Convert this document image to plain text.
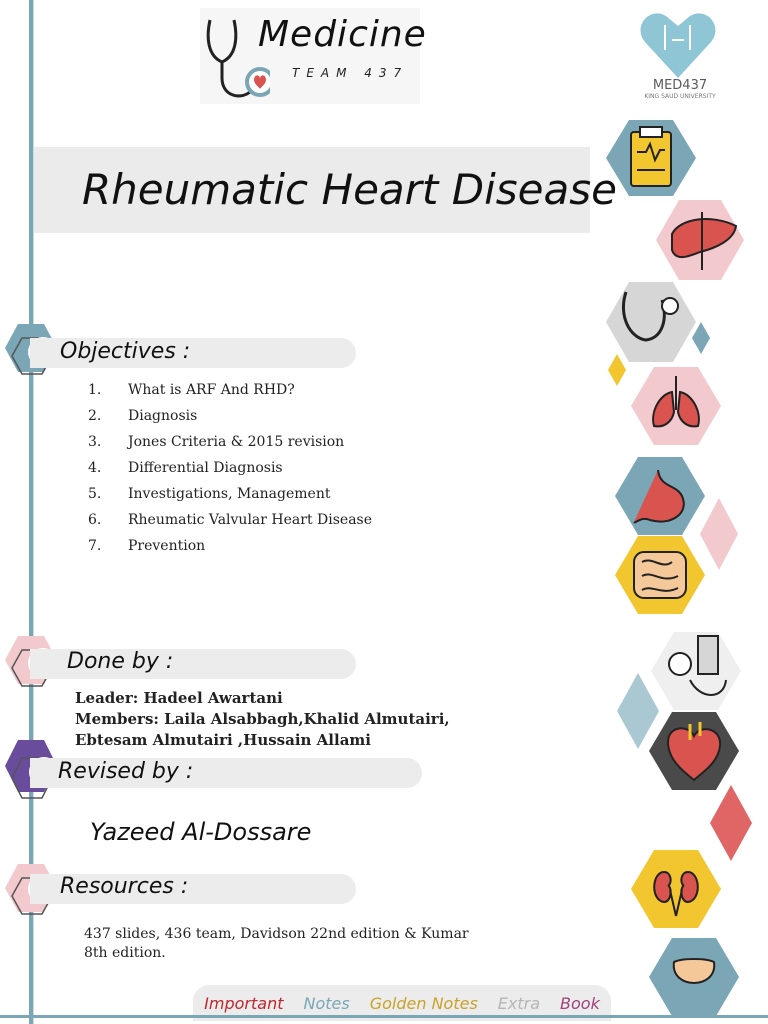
Medicine
TEAM 437
MED437
KING SAUD UNIVERSITY
Rheumatic Heart Disease
Objectives :
1.	What is ARF And RHD?
2.	Diagnosis
3.	Jones Criteria & 2015 revision
4.	Differential Diagnosis
5.	Investigations, Management
6.	Rheumatic Valvular Heart Disease
7.	Prevention
Done by :
Leader: Hadeel Awartani
Members: Laila Alsabbagh,Khalid Almutairi, Ebtesam Almutairi ,Hussain Allami
Revised by :
Yazeed Al-Dossare
Resources :
437 slides, 436 team, Davidson 22nd edition & Kumar 8th edition.
Important Notes Golden Notes Extra Book
